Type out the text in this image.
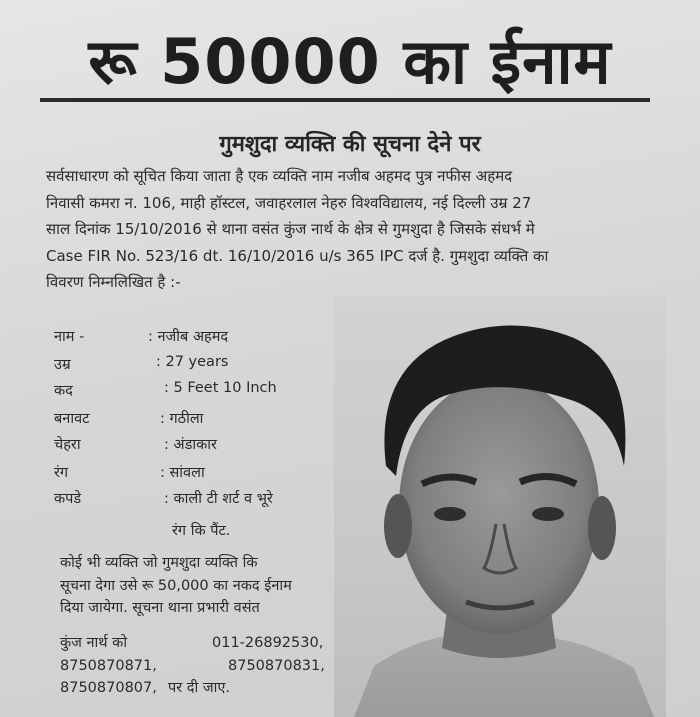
रू 50000 का ईनाम
गुमशुदा व्यक्ति की सूचना देने पर
सर्वसाधारण को सूचित किया जाता है एक व्यक्ति नाम नजीब अहमद पुत्र नफीस अहमद
निवासी कमरा न. 106, माही हॉस्टल, जवाहरलाल नेहरु विश्वविद्यालय, नई दिल्ली उम्र 27
साल दिनांक 15/10/2016 से थाना वसंत कुंज नार्थ के क्षेत्र से गुमशुदा है जिसके संधर्भ मे
Case FIR No. 523/16 dt. 16/10/2016 u/s 365 IPC दर्ज है. गुमशुदा व्यक्ति का
विवरण निम्नलिखित है :-
नाम -	: नजीब अहमद
उम्र	: 27 years
कद	: 5 Feet 10 Inch
बनावट	: गठीला
चेहरा	: अंडाकार
रंग	: सांवला
कपडे	: काली टी शर्ट व भूरे
रंग कि पैंट.
कोई भी व्यक्ति जो गुमशुदा व्यक्ति कि
सूचना देगा उसे रू 50,000 का नकद ईनाम
दिया जायेगा. सूचना थाना प्रभारी वसंत
कुंज नार्थ को	011-26892530,
8750870871,	8750870831,
8750870807, पर दी जाए.
